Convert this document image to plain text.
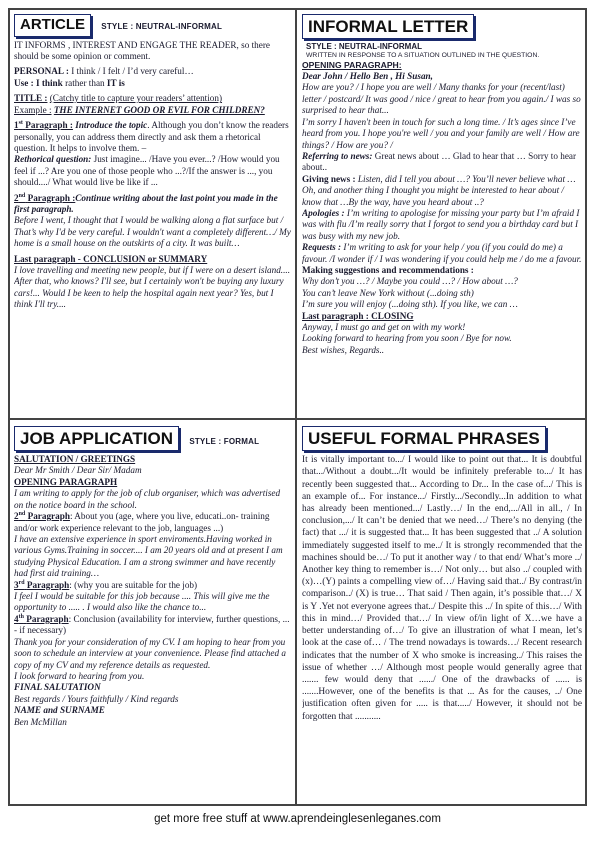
ARTICLE STYLE : NEUTRAL-INFORMAL

IT INFORMS , INTEREST AND ENGAGE THE READER, so there should be some opinion or comment.

PERSONAL : I think / I felt / I’d very careful…
Use : I think rather than IT is

TITLE : (Catchy title to capture your readers’ attention)
Example : THE INTERNET GOOD OR EVIL FOR CHILDREN?

1st Paragraph : Introduce the topic. Although you don’t know the readers personally, you can address them directly and ask them a rhetorical question. It helps to involve them. –
Rethorical question: Just imagine... /Have you ever...? /How would you feel if ...? Are you one of those people who ...?/If the answer is ..., you should..../ What would live be like if ...

2nd Paragraph :Continue writing about the last point you made in the first paragraph.
Before I went, I thought that I would be walking along a flat surface but / That’s why I'd be very careful. I wouldn't want a completely different…/ My home is a small house on the outskirts of a city. It was built…

Last paragraph - CONCLUSION or SUMMARY
I love travelling and meeting new people, but if I were on a desert island.... After that, who knows? I'll see, but I certainly won't be buying any luxury cars!... Would I be keen to help the hospital again next year? Yes, but I think I'll try....

INFORMAL LETTER
STYLE : NEUTRAL-INFORMAL
WRITTEN IN RESPONSE TO A SITUATION OUTLINED IN THE QUESTION.
OPENING PARAGRAPH:
Dear John / Hello Ben , Hi Susan,
How are you? / I hope you are well / Many thanks for your (recent/last) letter / postcard/ It was good / nice / great to hear from you again./ I was so surprised to hear that...
I’m sorry I haven't been in touch for such a long time. / It’s ages since I’ve heard from you. I hope you're well / you and your family are well / How are things? / How are you? /
Referring to news: Great news about … Glad to hear that … Sorry to hear about..
Giving news : Listen, did I tell you about …? You’ll never believe what …Oh, and another thing I thought you might be interested to hear about / know that …By the way, have you heard about ..?
Apologies : I’m writing to apologise for missing your party but I’m afraid I was with flu /I’m really sorry that I forgot to send you a birthday card but I was busy with my new job.
Requests : I’m writing to ask for your help / you (if you could do me) a favour. /I wonder if / I was wondering if you could help me / do me a favour.
Making suggestions and recommendations :
Why don’t you …? / Maybe you could …? / How about …?
You can’t leave New York without (...doing sth)
I’m sure you will enjoy (...doing sth). If you like, we can …
Last paragraph : CLOSING
Anyway, I must go and get on with my work!
Looking forward to hearing from you soon / Bye for now.
Best wishes, Regards..
JOB APPLICATION STYLE : FORMAL
SALUTATION / GREETINGS
Dear Mr Smith / Dear Sir/ Madam
OPENING PARAGRAPH
I am writing to apply for the job of club organiser, which was advertised on the notice board in the school.
2nd Paragraph: About you (age, where you live, educati..on- training and/or work experience relevant to the job, languages ...)
I have an extensive experience in sport enviroments.Having worked in various Gyms.Training in soccer.... I am 20 years old and at present I am studying Physical Education. I am a strong swimmer and have recently had first aid training…
3rd Paragraph: (why you are suitable for the job)
I feel I would be suitable for this job because .... This will give me the opportunity to ..... . I would also like the chance to...
4th Paragraph: Conclusion (availability for interview, further questions, ... - if necessary)
Thank you for your consideration of my CV. I am hoping to hear from you soon to schedule an interview at your convenience. Please find attached a copy of my CV and my reference details as requested.
I look forward to hearing from you.
FINAL SALUTATION
Best regards / Yours faithfully / Kind regards
NAME and SURNAME
Ben McMillan
USEFUL FORMAL PHRASES
It is vitally important to.../ I would like to point out that... It is doubtful that.../Without a doubt.../It would be infinitely preferable to.../ It has recently been suggested that... According to Dr... In the case of.../ This is an example of... For instance.../ Firstly.../Secondly...In addition to what has already been mentioned.../ Lastly…/ In the end,.../All in all., / In conclusion,.../ It can’t be denied that we need…/ There’s no denying (the fact) that .../ it is suggested that... It has been suggested that ../ A solution immediately suggested itself to me../ It is strongly recommended that the machines should be…/ To put it another way / to that end/ What’s more ../ Another key thing to remember is…/ Not only… but also ../ coupled with (x)…(Y) paints a compelling view of…/ Having said that../ By contrast/in comparison../ (X) is true… That said / Then again, it’s possible that…/ X is Y .Yet not everyone agrees that../ Despite this ../ In spite of this…/ With this in mind…/ Provided that…/ In view of/in light of X…we have a better understanding of…/ To give an illustration of what I mean, let’s look at the case of… / The trend nowadays is towards…/ Recent research indicates that the number of X who smoke is increasing../ This raises the issue of whether …/ Although most people would generally agree that ....... few would deny that ....../ One of the drawbacks of ...... is .......However, one of the benefits is that ... As for the causes, ../ One justification often given for ..... is that...../ However, it should not be forgotten that ...........
get more free stuff at www.aprendeinglesenleganes.com
